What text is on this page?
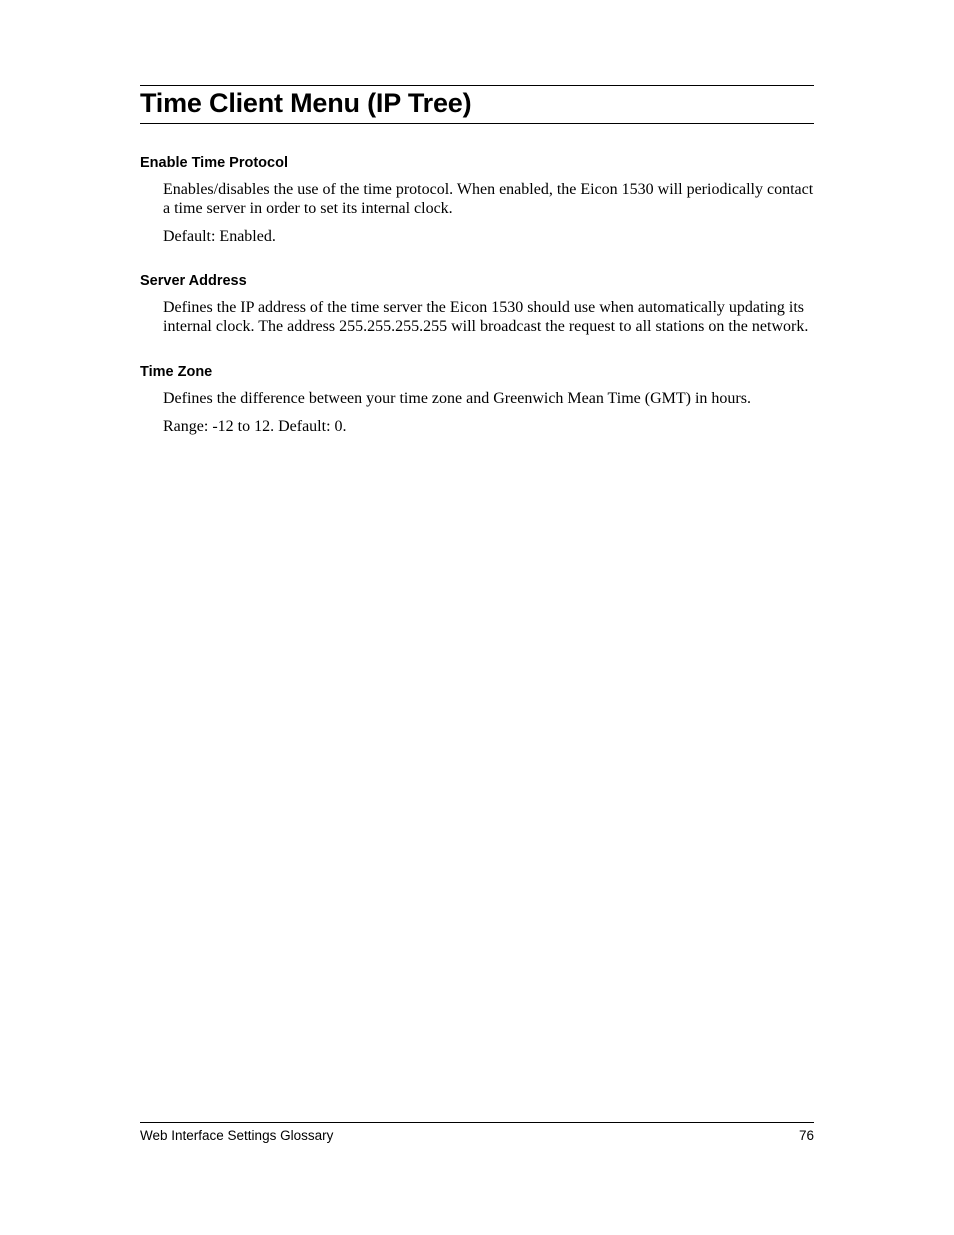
Time Client Menu (IP Tree)
Enable Time Protocol

Enables/disables the use of the time protocol. When enabled, the Eicon 1530 will periodically contact a time server in order to set its internal clock.

Default: Enabled.

Server Address

Defines the IP address of the time server the Eicon 1530 should use when automatically updating its internal clock. The address 255.255.255.255 will broadcast the request to all stations on the network.

Time Zone

Defines the difference between your time zone and Greenwich Mean Time (GMT) in hours.

Range: -12 to 12. Default: 0.

Web Interface Settings Glossary	76
